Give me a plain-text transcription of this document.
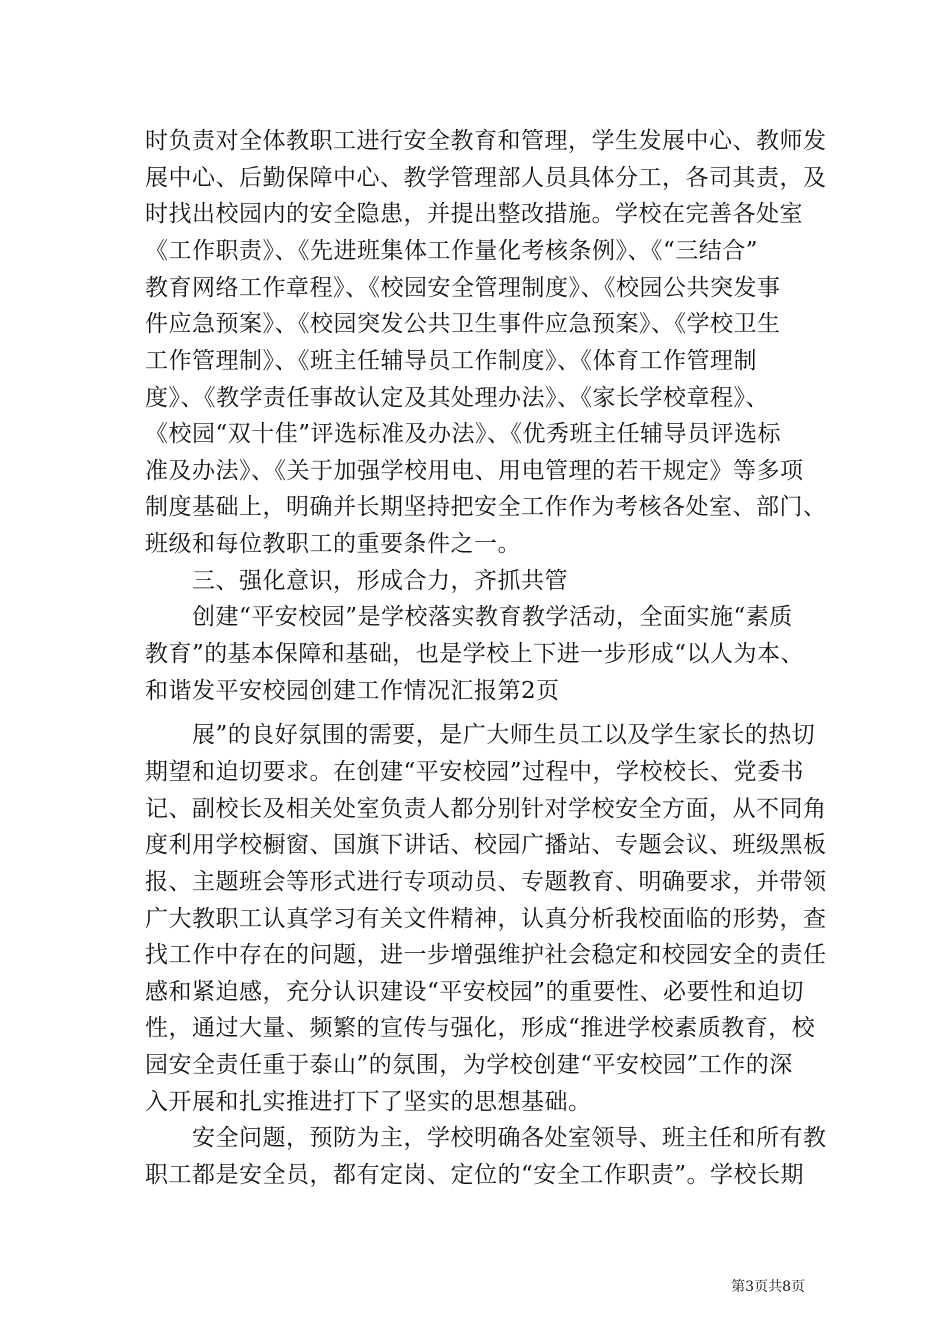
时负责对全体教职工进行安全教育和管理，学生发展中心、教师发
展中心、后勤保障中心、教学管理部人员具体分工，各司其责，及
时找出校园内的安全隐患，并提出整改措施。学校在完善各处室
《工作职责》、《先进班集体工作量化考核条例》、《“三结合”
教育网络工作章程》、《校园安全管理制度》、《校园公共突发事
件应急预案》、《校园突发公共卫生事件应急预案》、《学校卫生
工作管理制》、《班主任辅导员工作制度》、《体育工作管理制
度》、《教学责任事故认定及其处理办法》、《家长学校章程》、
《校园“双十佳”评选标准及办法》、《优秀班主任辅导员评选标
准及办法》、《关于加强学校用电、用电管理的若干规定》等多项
制度基础上，明确并长期坚持把安全工作作为考核各处室、部门、
班级和每位教职工的重要条件之一。
　　三、强化意识，形成合力，齐抓共管
　　创建“平安校园”是学校落实教育教学活动，全面实施“素质
教育”的基本保障和基础，也是学校上下进一步形成“以人为本、
和谐发平安校园创建工作情况汇报第2页
　　展”的良好氛围的需要，是广大师生员工以及学生家长的热切
期望和迫切要求。在创建“平安校园”过程中，学校校长、党委书
记、副校长及相关处室负责人都分别针对学校安全方面，从不同角
度利用学校橱窗、国旗下讲话、校园广播站、专题会议、班级黑板
报、主题班会等形式进行专项动员、专题教育、明确要求，并带领
广大教职工认真学习有关文件精神，认真分析我校面临的形势，查
找工作中存在的问题，进一步增强维护社会稳定和校园安全的责任
感和紧迫感，充分认识建设“平安校园”的重要性、必要性和迫切
性，通过大量、频繁的宣传与强化，形成“推进学校素质教育，校
园安全责任重于泰山”的氛围，为学校创建“平安校园”工作的深
入开展和扎实推进打下了坚实的思想基础。
　　安全问题，预防为主，学校明确各处室领导、班主任和所有教
职工都是安全员，都有定岗、定位的“安全工作职责”。学校长期
第3页共8页
